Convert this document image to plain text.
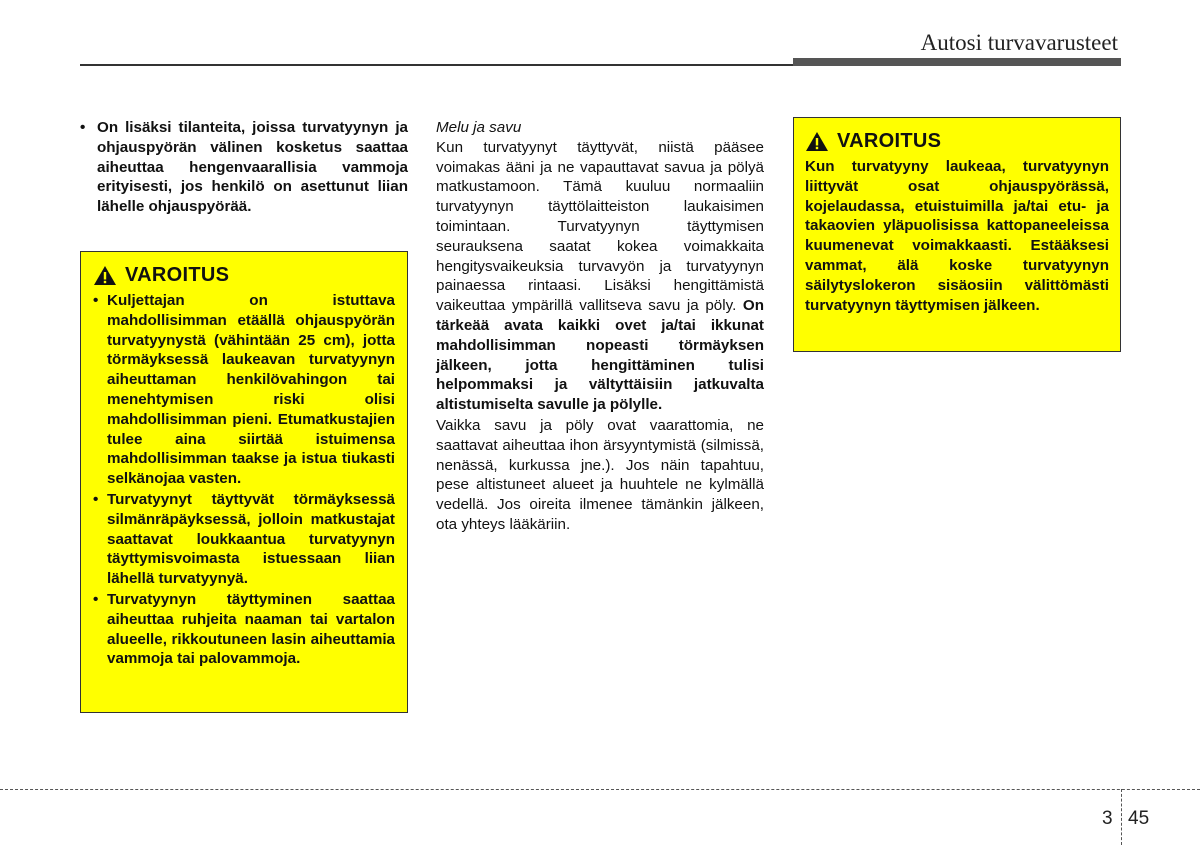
Autosi turvavarusteet
• On lisäksi tilanteita, joissa turvatyynyn ja ohjauspyörän välinen kosketus saattaa aiheuttaa hengenvaarallisia vammoja erityisesti, jos henkilö on asettunut liian lähelle ohjauspyörää.
VAROITUS
• Kuljettajan on istuttava mahdollisimman etäällä ohjauspyörän turvatyynystä (vähintään 25 cm), jotta törmäyksessä laukeavan turvatyynyn aiheuttaman henkilövahingon tai menehtymisen riski olisi mahdollisimman pieni. Etumatkustajien tulee aina siirtää istuimensa mahdollisimman taakse ja istua tiukasti selkänojaa vasten.
• Turvatyynyt täyttyvät törmäyksessä silmänräpäyksessä, jolloin matkustajat saattavat loukkaantua turvatyynyn täyttymisvoimasta istuessaan liian lähellä turvatyynyä.
• Turvatyynyn täyttyminen saattaa aiheuttaa ruhjeita naaman tai vartalon alueelle, rikkoutuneen lasin aiheuttamia vammoja tai palovammoja.

Melu ja savu

Kun turvatyynyt täyttyvät, niistä pääsee voimakas ääni ja ne vapauttavat savua ja pölyä matkustamoon. Tämä kuuluu normaaliin turvatyynyn täyttölaitteiston laukaisimen toimintaan. Turvatyynyn täyttymisen seurauksena saatat kokea voimakkaita hengitysvaikeuksia turvavyön ja turvatyynyn painaessa rintaasi. Lisäksi hengittämistä vaikeuttaa ympärillä vallitseva savu ja pöly. On tärkeää avata kaikki ovet ja/tai ikkunat mahdollisimman nopeasti törmäyksen jälkeen, jotta hengittäminen tulisi helpommaksi ja vältyttäisiin jatkuvalta altistumiselta savulle ja pölylle.

Vaikka savu ja pöly ovat vaarattomia, ne saattavat aiheuttaa ihon ärsyyntymistä (silmissä, nenässä, kurkussa jne.). Jos näin tapahtuu, pese altistuneet alueet ja huuhtele ne kylmällä vedellä. Jos oireita ilmenee tämänkin jälkeen, ota yhteys lääkäriin.

VAROITUS
Kun turvatyyny laukeaa, turvatyynyn liittyvät osat ohjauspyörässä, kojelaudassa, etuistuimilla ja/tai etu- ja takaovien yläpuolisissa kattopaneeleissa kuumenevat voimakkaasti. Estääksesi vammat, älä koske turvatyynyn säilytyslokeron sisäosiin välittömästi turvatyynyn täyttymisen jälkeen.
3 45
